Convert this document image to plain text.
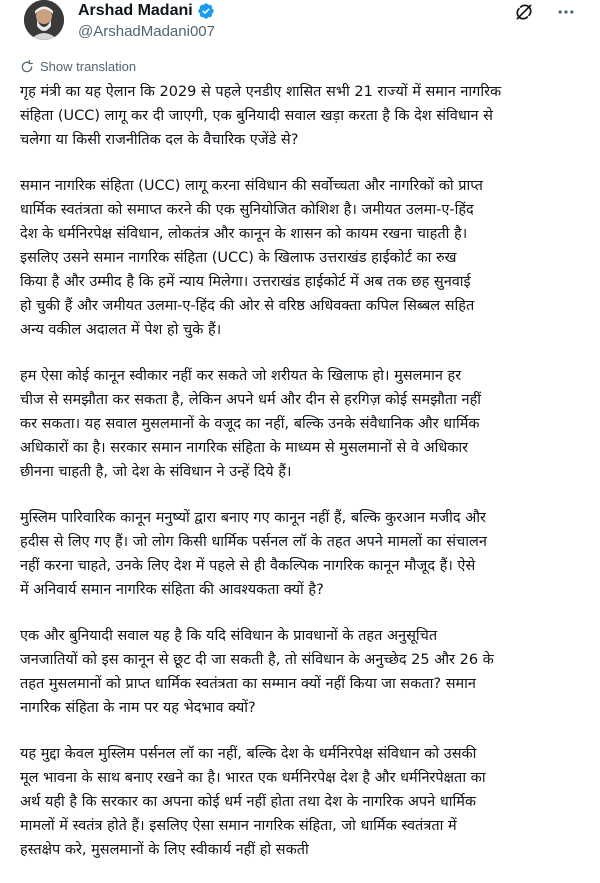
Arshad Madani
@ArshadMadani007
Show translation

गृह मंत्री का यह ऐलान कि 2029 से पहले एनडीए शासित सभी 21 राज्यों में समान नागरिक
संहिता (UCC) लागू कर दी जाएगी, एक बुनियादी सवाल खड़ा करता है कि देश संविधान से
चलेगा या किसी राजनीतिक दल के वैचारिक एजेंडे से?

समान नागरिक संहिता (UCC) लागू करना संविधान की सर्वोच्चता और नागरिकों को प्राप्त
धार्मिक स्वतंत्रता को समाप्त करने की एक सुनियोजित कोशिश है। जमीयत उलमा-ए-हिंद
देश के धर्मनिरपेक्ष संविधान, लोकतंत्र और कानून के शासन को कायम रखना चाहती है।
इसलिए उसने समान नागरिक संहिता (UCC) के खिलाफ उत्तराखंड हाईकोर्ट का रुख
किया है और उम्मीद है कि हमें न्याय मिलेगा। उत्तराखंड हाईकोर्ट में अब तक छह सुनवाई
हो चुकी हैं और जमीयत उलमा-ए-हिंद की ओर से वरिष्ठ अधिवक्ता कपिल सिब्बल सहित
अन्य वकील अदालत में पेश हो चुके हैं।

हम ऐसा कोई कानून स्वीकार नहीं कर सकते जो शरीयत के खिलाफ हो। मुसलमान हर
चीज से समझौता कर सकता है, लेकिन अपने धर्म और दीन से हरगिज़ कोई समझौता नहीं
कर सकता। यह सवाल मुसलमानों के वजूद का नहीं, बल्कि उनके संवैधानिक और धार्मिक
अधिकारों का है। सरकार समान नागरिक संहिता के माध्यम से मुसलमानों से वे अधिकार
छीनना चाहती है, जो देश के संविधान ने उन्हें दिये हैं।

मुस्लिम पारिवारिक कानून मनुष्यों द्वारा बनाए गए कानून नहीं हैं, बल्कि कुरआन मजीद और
हदीस से लिए गए हैं। जो लोग किसी धार्मिक पर्सनल लॉ के तहत अपने मामलों का संचालन
नहीं करना चाहते, उनके लिए देश में पहले से ही वैकल्पिक नागरिक कानून मौजूद हैं। ऐसे
में अनिवार्य समान नागरिक संहिता की आवश्यकता क्यों है?

एक और बुनियादी सवाल यह है कि यदि संविधान के प्रावधानों के तहत अनुसूचित
जनजातियों को इस कानून से छूट दी जा सकती है, तो संविधान के अनुच्छेद 25 और 26 के
तहत मुसलमानों को प्राप्त धार्मिक स्वतंत्रता का सम्मान क्यों नहीं किया जा सकता? समान
नागरिक संहिता के नाम पर यह भेदभाव क्यों?

यह मुद्दा केवल मुस्लिम पर्सनल लॉ का नहीं, बल्कि देश के धर्मनिरपेक्ष संविधान को उसकी
मूल भावना के साथ बनाए रखने का है। भारत एक धर्मनिरपेक्ष देश है और धर्मनिरपेक्षता का
अर्थ यही है कि सरकार का अपना कोई धर्म नहीं होता तथा देश के नागरिक अपने धार्मिक
मामलों में स्वतंत्र होते हैं। इसलिए ऐसा समान नागरिक संहिता, जो धार्मिक स्वतंत्रता में
हस्तक्षेप करे, मुसलमानों के लिए स्वीकार्य नहीं हो सकती
